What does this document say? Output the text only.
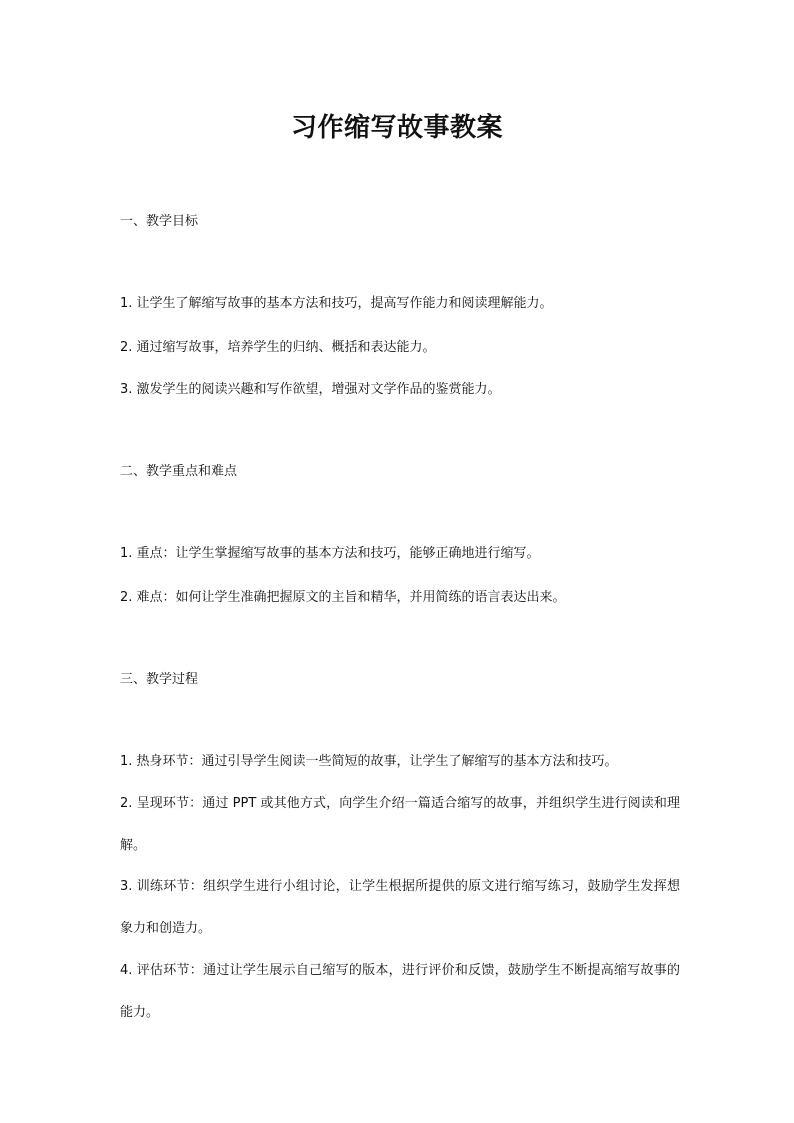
习作缩写故事教案
一、教学目标
1. 让学生了解缩写故事的基本方法和技巧，提高写作能力和阅读理解能力。
2. 通过缩写故事，培养学生的归纳、概括和表达能力。
3. 激发学生的阅读兴趣和写作欲望，增强对文学作品的鉴赏能力。
二、教学重点和难点
1. 重点：让学生掌握缩写故事的基本方法和技巧，能够正确地进行缩写。
2. 难点：如何让学生准确把握原文的主旨和精华，并用简练的语言表达出来。
三、教学过程
1. 热身环节：通过引导学生阅读一些简短的故事，让学生了解缩写的基本方法和技巧。
2. 呈现环节：通过 PPT 或其他方式，向学生介绍一篇适合缩写的故事，并组织学生进行阅读和理解。
3. 训练环节：组织学生进行小组讨论，让学生根据所提供的原文进行缩写练习，鼓励学生发挥想象力和创造力。
4. 评估环节：通过让学生展示自己缩写的版本，进行评价和反馈，鼓励学生不断提高缩写故事的能力。
